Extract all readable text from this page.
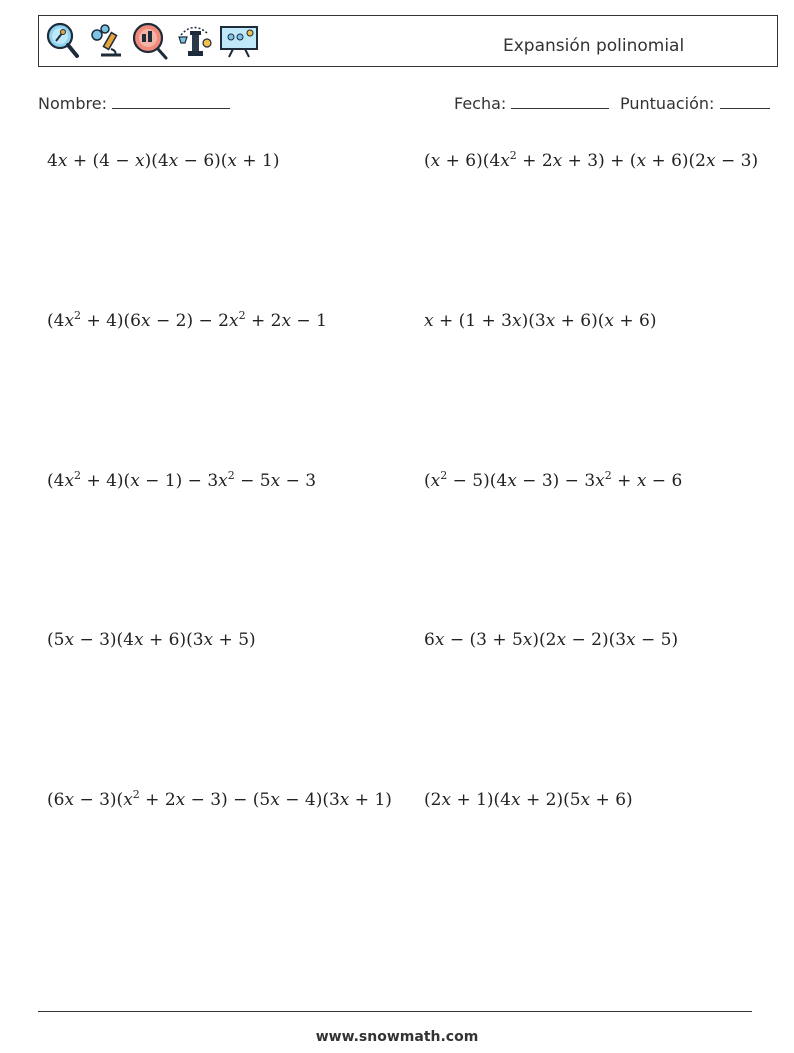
Expansión polinomial
Nombre:	Fecha:	Puntuación:
4x + (4 − x)(4x − 6)(x + 1)	$(x + 6)(4x^2 + 2x + 3) + (x + 6)(2x - 3)$
$(4x^2 + 4)(6x - 2) - 2x^2 + 2x - 1$	x + (1 + 3x)(3x + 6)(x + 6)
$(4x^2 + 4)(x - 1) - 3x^2 - 5x - 3$	$(x^2 - 5)(4x - 3) - 3x^2 + x - 6$
(5x − 3)(4x + 6)(3x + 5)	6x − (3 + 5x)(2x − 2)(3x − 5)
$(6x - 3)(x^2 + 2x - 3) - (5x - 4)(3x + 1)$ (2x + 1)(4x + 2)(5x + 6)
www.snowmath.com
